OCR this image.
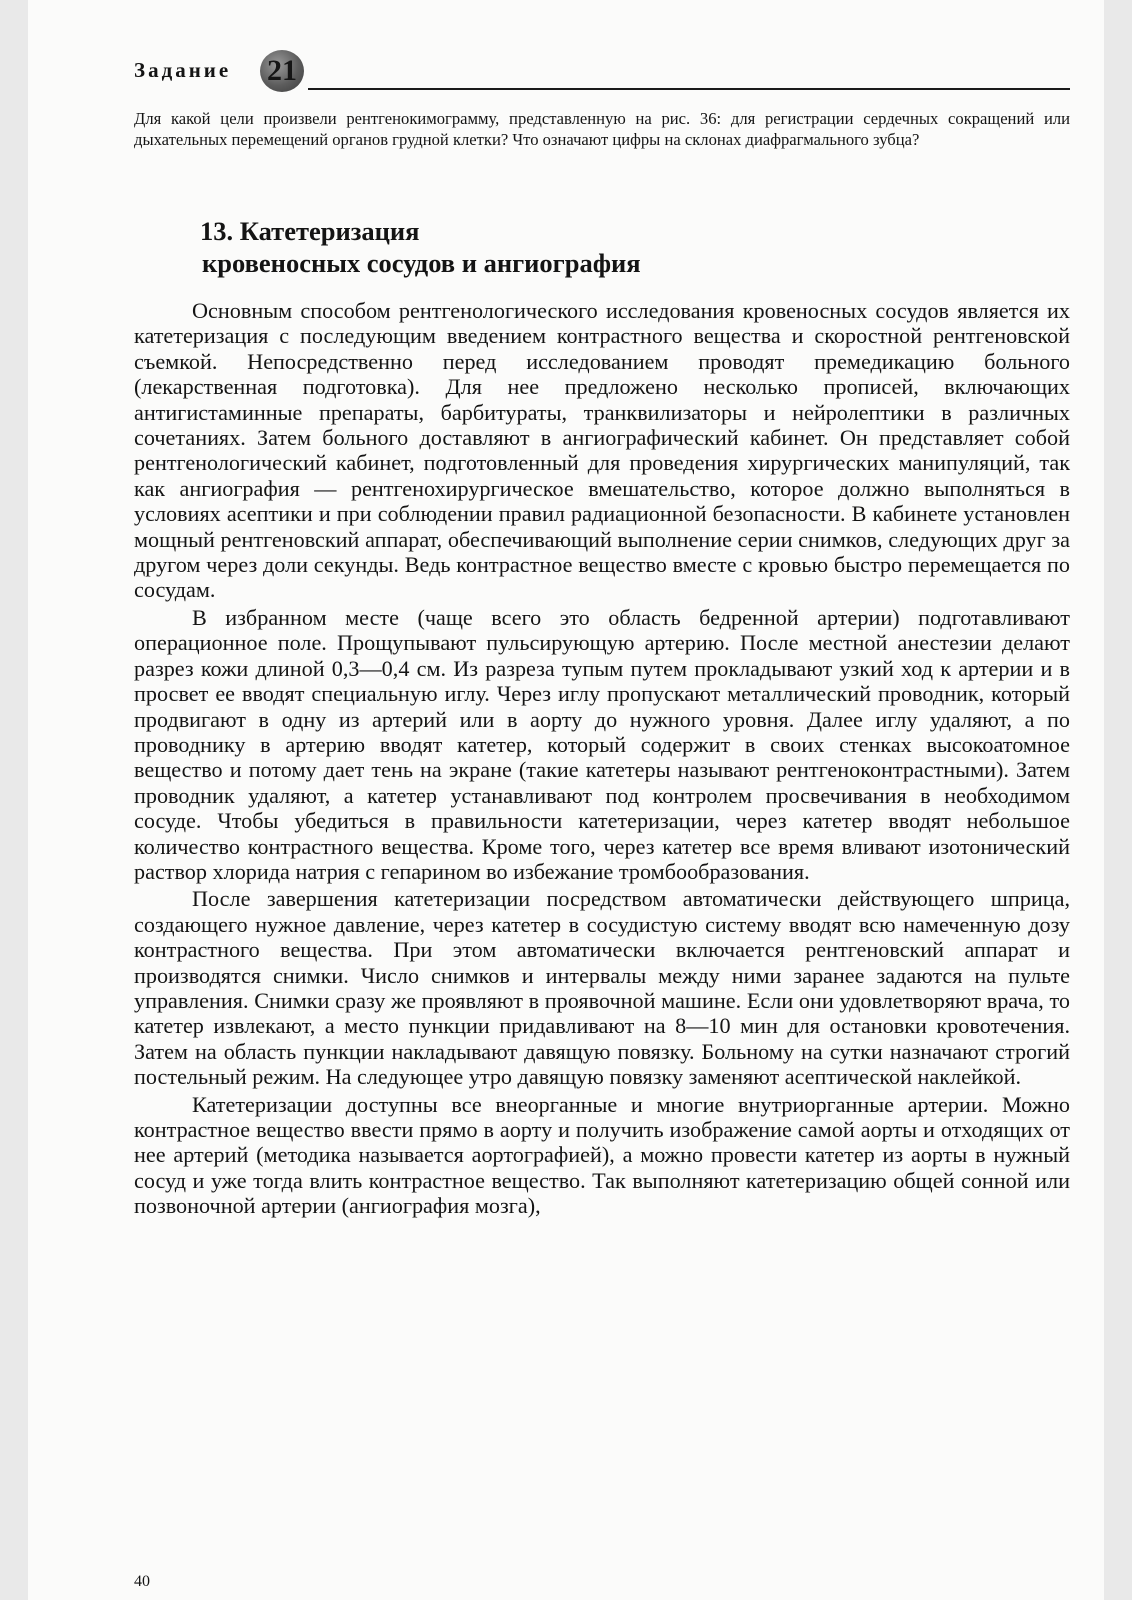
Задание 21
Для какой цели произвели рентгенокимограмму, представленную на рис. 36: для регистрации сердечных сокращений или дыхательных перемещений органов грудной клетки? Что означают цифры на склонах диафрагмального зубца?
13. Катетеризация
кровеносных сосудов и ангиография

Основным способом рентгенологического исследования кровеносных сосудов является их катетеризация с последующим введением контрастного вещества и скоростной рентгеновской съемкой. Непосредственно перед исследованием проводят премедикацию больного (лекарственная подготовка). Для нее предложено несколько прописей, включающих антигистаминные препараты, барбитураты, транквилизаторы и нейролептики в различных сочетаниях. Затем больного доставляют в ангиографический кабинет. Он представляет собой рентгенологический кабинет, подготовленный для проведения хирургических манипуляций, так как ангиография — рентгенохирургическое вмешательство, которое должно выполняться в условиях асептики и при соблюдении правил радиационной безопасности. В кабинете установлен мощный рентгеновский аппарат, обеспечивающий выполнение серии снимков, следующих друг за другом через доли секунды. Ведь контрастное вещество вместе с кровью быстро перемещается по сосудам.

В избранном месте (чаще всего это область бедренной артерии) подготавливают операционное поле. Прощупывают пульсирующую артерию. После местной анестезии делают разрез кожи длиной 0,3—0,4 см. Из разреза тупым путем прокладывают узкий ход к артерии и в просвет ее вводят специальную иглу. Через иглу пропускают металлический проводник, который продвигают в одну из артерий или в аорту до нужного уровня. Далее иглу удаляют, а по проводнику в артерию вводят катетер, который содержит в своих стенках высокоатомное вещество и потому дает тень на экране (такие катетеры называют рентгеноконтрастными). Затем проводник удаляют, а катетер устанавливают под контролем просвечивания в необходимом сосуде. Чтобы убедиться в правильности катетеризации, через катетер вводят небольшое количество контрастного вещества. Кроме того, через катетер все время вливают изотонический раствор хлорида натрия с гепарином во избежание тромбообразования.

После завершения катетеризации посредством автоматически действующего шприца, создающего нужное давление, через катетер в сосудистую систему вводят всю намеченную дозу контрастного вещества. При этом автоматически включается рентгеновский аппарат и производятся снимки. Число снимков и интервалы между ними заранее задаются на пульте управления. Снимки сразу же проявляют в проявочной машине. Если они удовлетворяют врача, то катетер извлекают, а место пункции придавливают на 8—10 мин для остановки кровотечения. Затем на область пункции накладывают давящую повязку. Больному на сутки назначают строгий постельный режим. На следующее утро давящую повязку заменяют асептической наклейкой.

Катетеризации доступны все внеорганные и многие внутриорганные артерии. Можно контрастное вещество ввести прямо в аорту и получить изображение самой аорты и отходящих от нее артерий (методика называется аортографией), а можно провести катетер из аорты в нужный сосуд и уже тогда влить контрастное вещество. Так выполняют катетеризацию общей сонной или позвоночной артерии (ангиография мозга),

40
